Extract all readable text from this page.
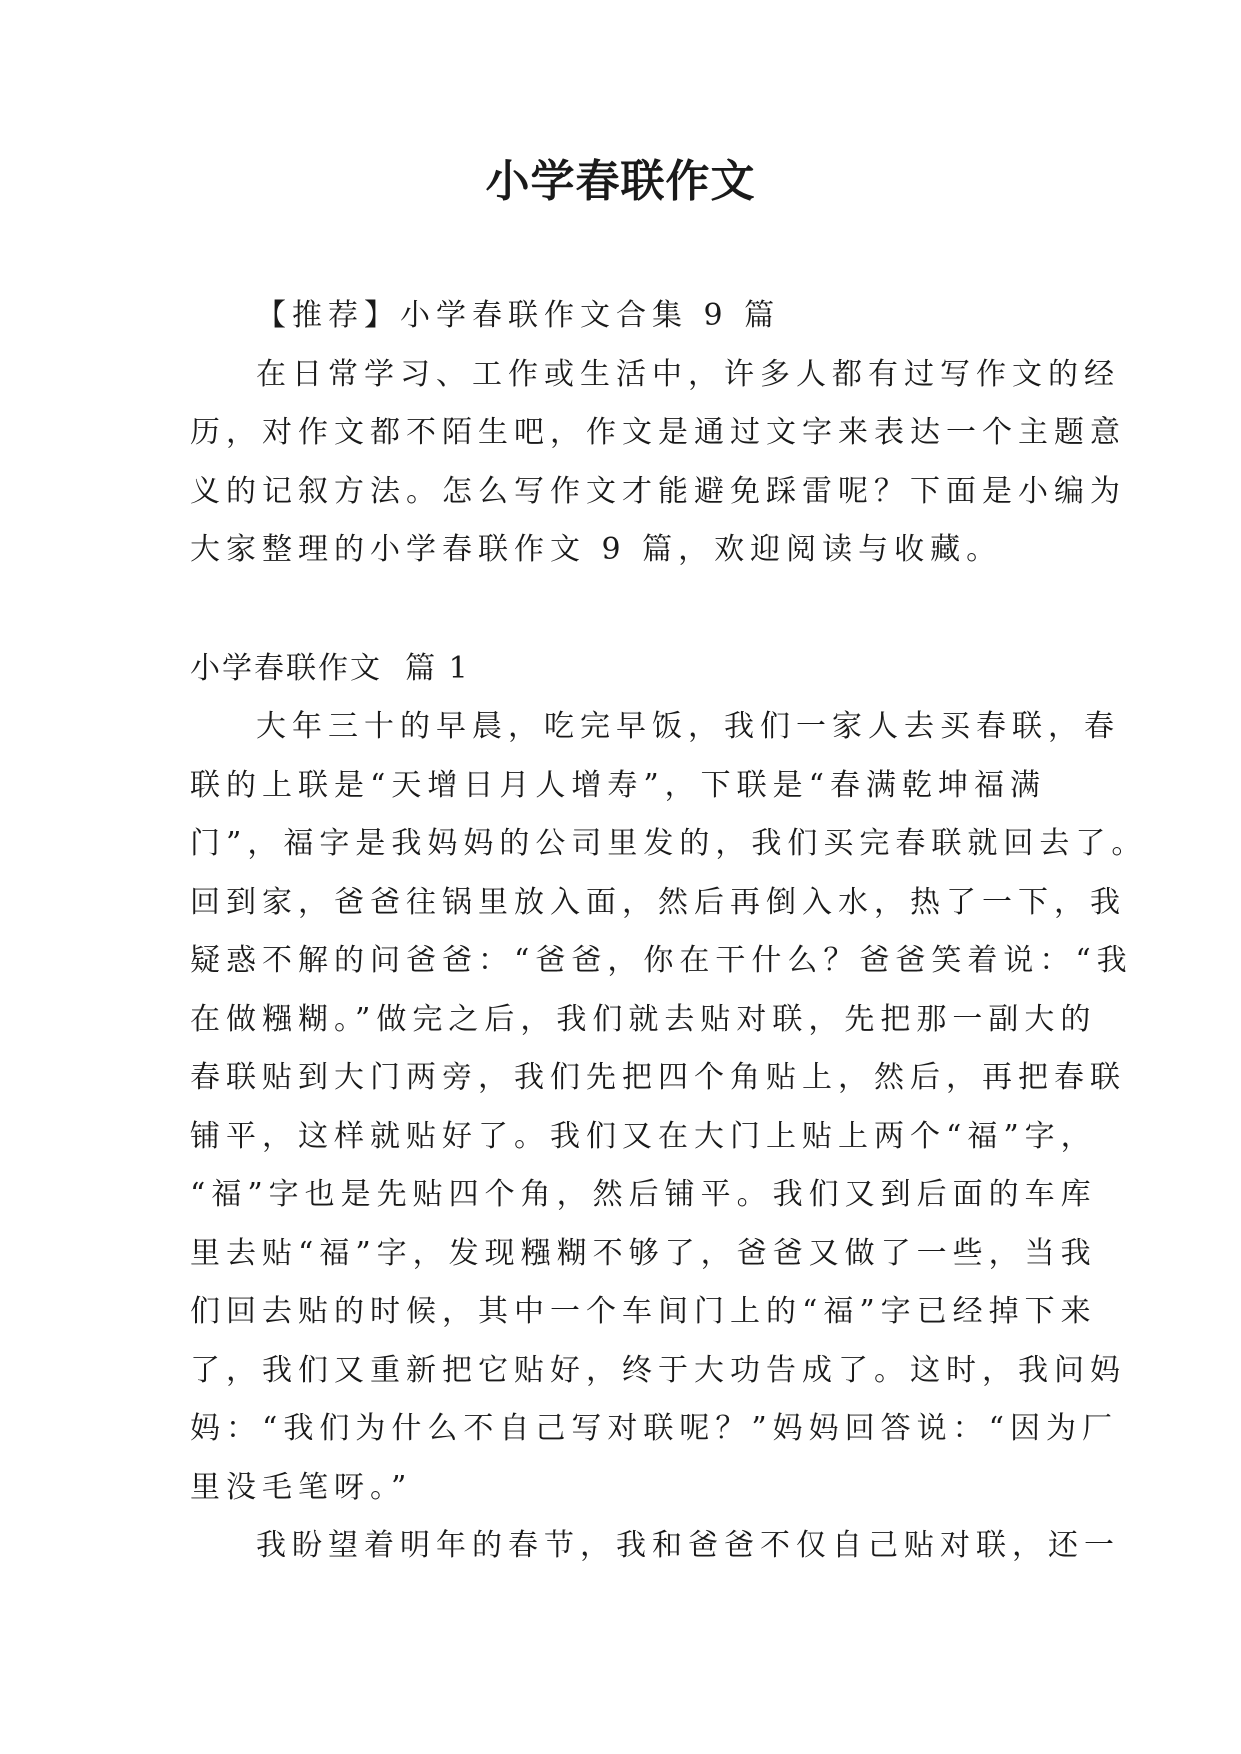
小学春联作文
【推荐】小学春联作文合集 9 篇
在日常学习、工作或生活中，许多人都有过写作文的经
历，对作文都不陌生吧，作文是通过文字来表达一个主题意
义的记叙方法。怎么写作文才能避免踩雷呢？下面是小编为
大家整理的小学春联作文 9 篇，欢迎阅读与收藏。
小学春联作文  篇 1
大年三十的早晨，吃完早饭，我们一家人去买春联，春
联的上联是“天增日月人增寿”，下联是“春满乾坤福满
门”，福字是我妈妈的公司里发的，我们买完春联就回去了。
回到家，爸爸往锅里放入面，然后再倒入水，热了一下，我
疑惑不解的问爸爸：“爸爸，你在干什么？爸爸笑着说：“我
在做糨糊。”做完之后，我们就去贴对联，先把那一副大的
春联贴到大门两旁，我们先把四个角贴上，然后，再把春联
铺平，这样就贴好了。我们又在大门上贴上两个“福”字，
“福”字也是先贴四个角，然后铺平。我们又到后面的车库
里去贴“福”字，发现糨糊不够了，爸爸又做了一些，当我
们回去贴的时候，其中一个车间门上的“福”字已经掉下来
了，我们又重新把它贴好，终于大功告成了。这时，我问妈
妈：“我们为什么不自己写对联呢？”妈妈回答说：“因为厂
里没毛笔呀。”
我盼望着明年的春节，我和爸爸不仅自己贴对联，还一
